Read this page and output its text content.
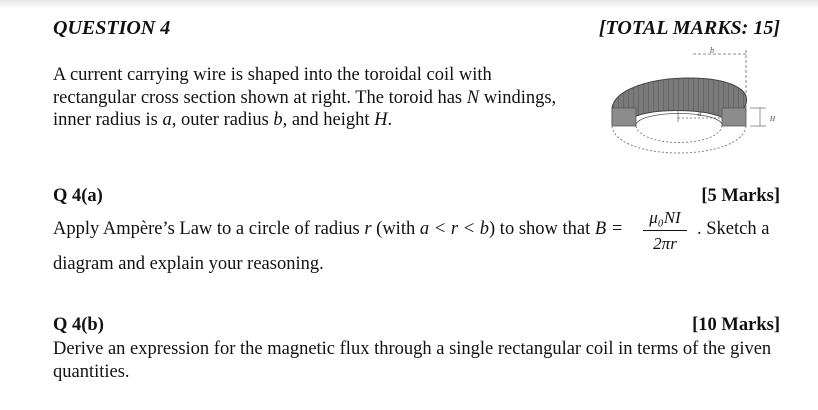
QUESTION 4	[TOTAL MARKS: 15]
A current carrying wire is shaped into the toroidal coil with
rectangular cross section shown at right. The toroid has N windings,
inner radius is a, outer radius b, and height H.
b
a
H
Q 4(a)	[5 Marks]
Apply Ampère’s Law to a circle of radius r (with a < r < b) to show that B =
μ₀NI
2πr
. Sketch a
diagram and explain your reasoning.
Q 4(b)	[10 Marks]
Derive an expression for the magnetic flux through a single rectangular coil in terms of the given quantities.
